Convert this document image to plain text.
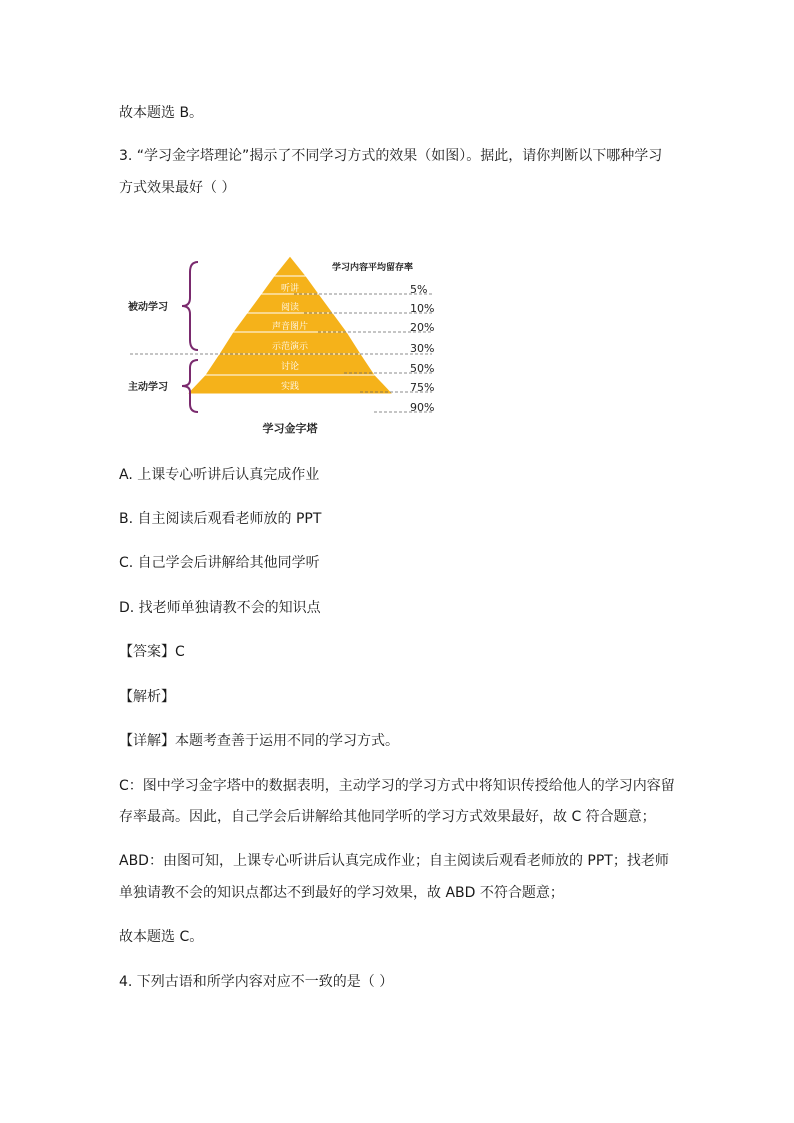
故本题选 B。
3. “学习金字塔理论”揭示了不同学习方式的效果（如图）。据此，请你判断以下哪种学习
方式效果最好（ ）
听讲
阅读
声音图片
示范演示
讨论
实践
教授给他人
学习内容平均留存率
5%
10%
20%
30%
50%
75%
90%
被动学习
主动学习
学习金字塔
A. 上课专心听讲后认真完成作业
B. 自主阅读后观看老师放的 PPT
C. 自己学会后讲解给其他同学听
D. 找老师单独请教不会的知识点
【答案】C
【解析】
【详解】本题考查善于运用不同的学习方式。
C：图中学习金字塔中的数据表明，主动学习的学习方式中将知识传授给他人的学习内容留
存率最高。因此，自己学会后讲解给其他同学听的学习方式效果最好，故 C 符合题意；
ABD：由图可知，上课专心听讲后认真完成作业；自主阅读后观看老师放的 PPT；找老师
单独请教不会的知识点都达不到最好的学习效果，故 ABD 不符合题意；
故本题选 C。
4. 下列古语和所学内容对应不一致的是（ ）
